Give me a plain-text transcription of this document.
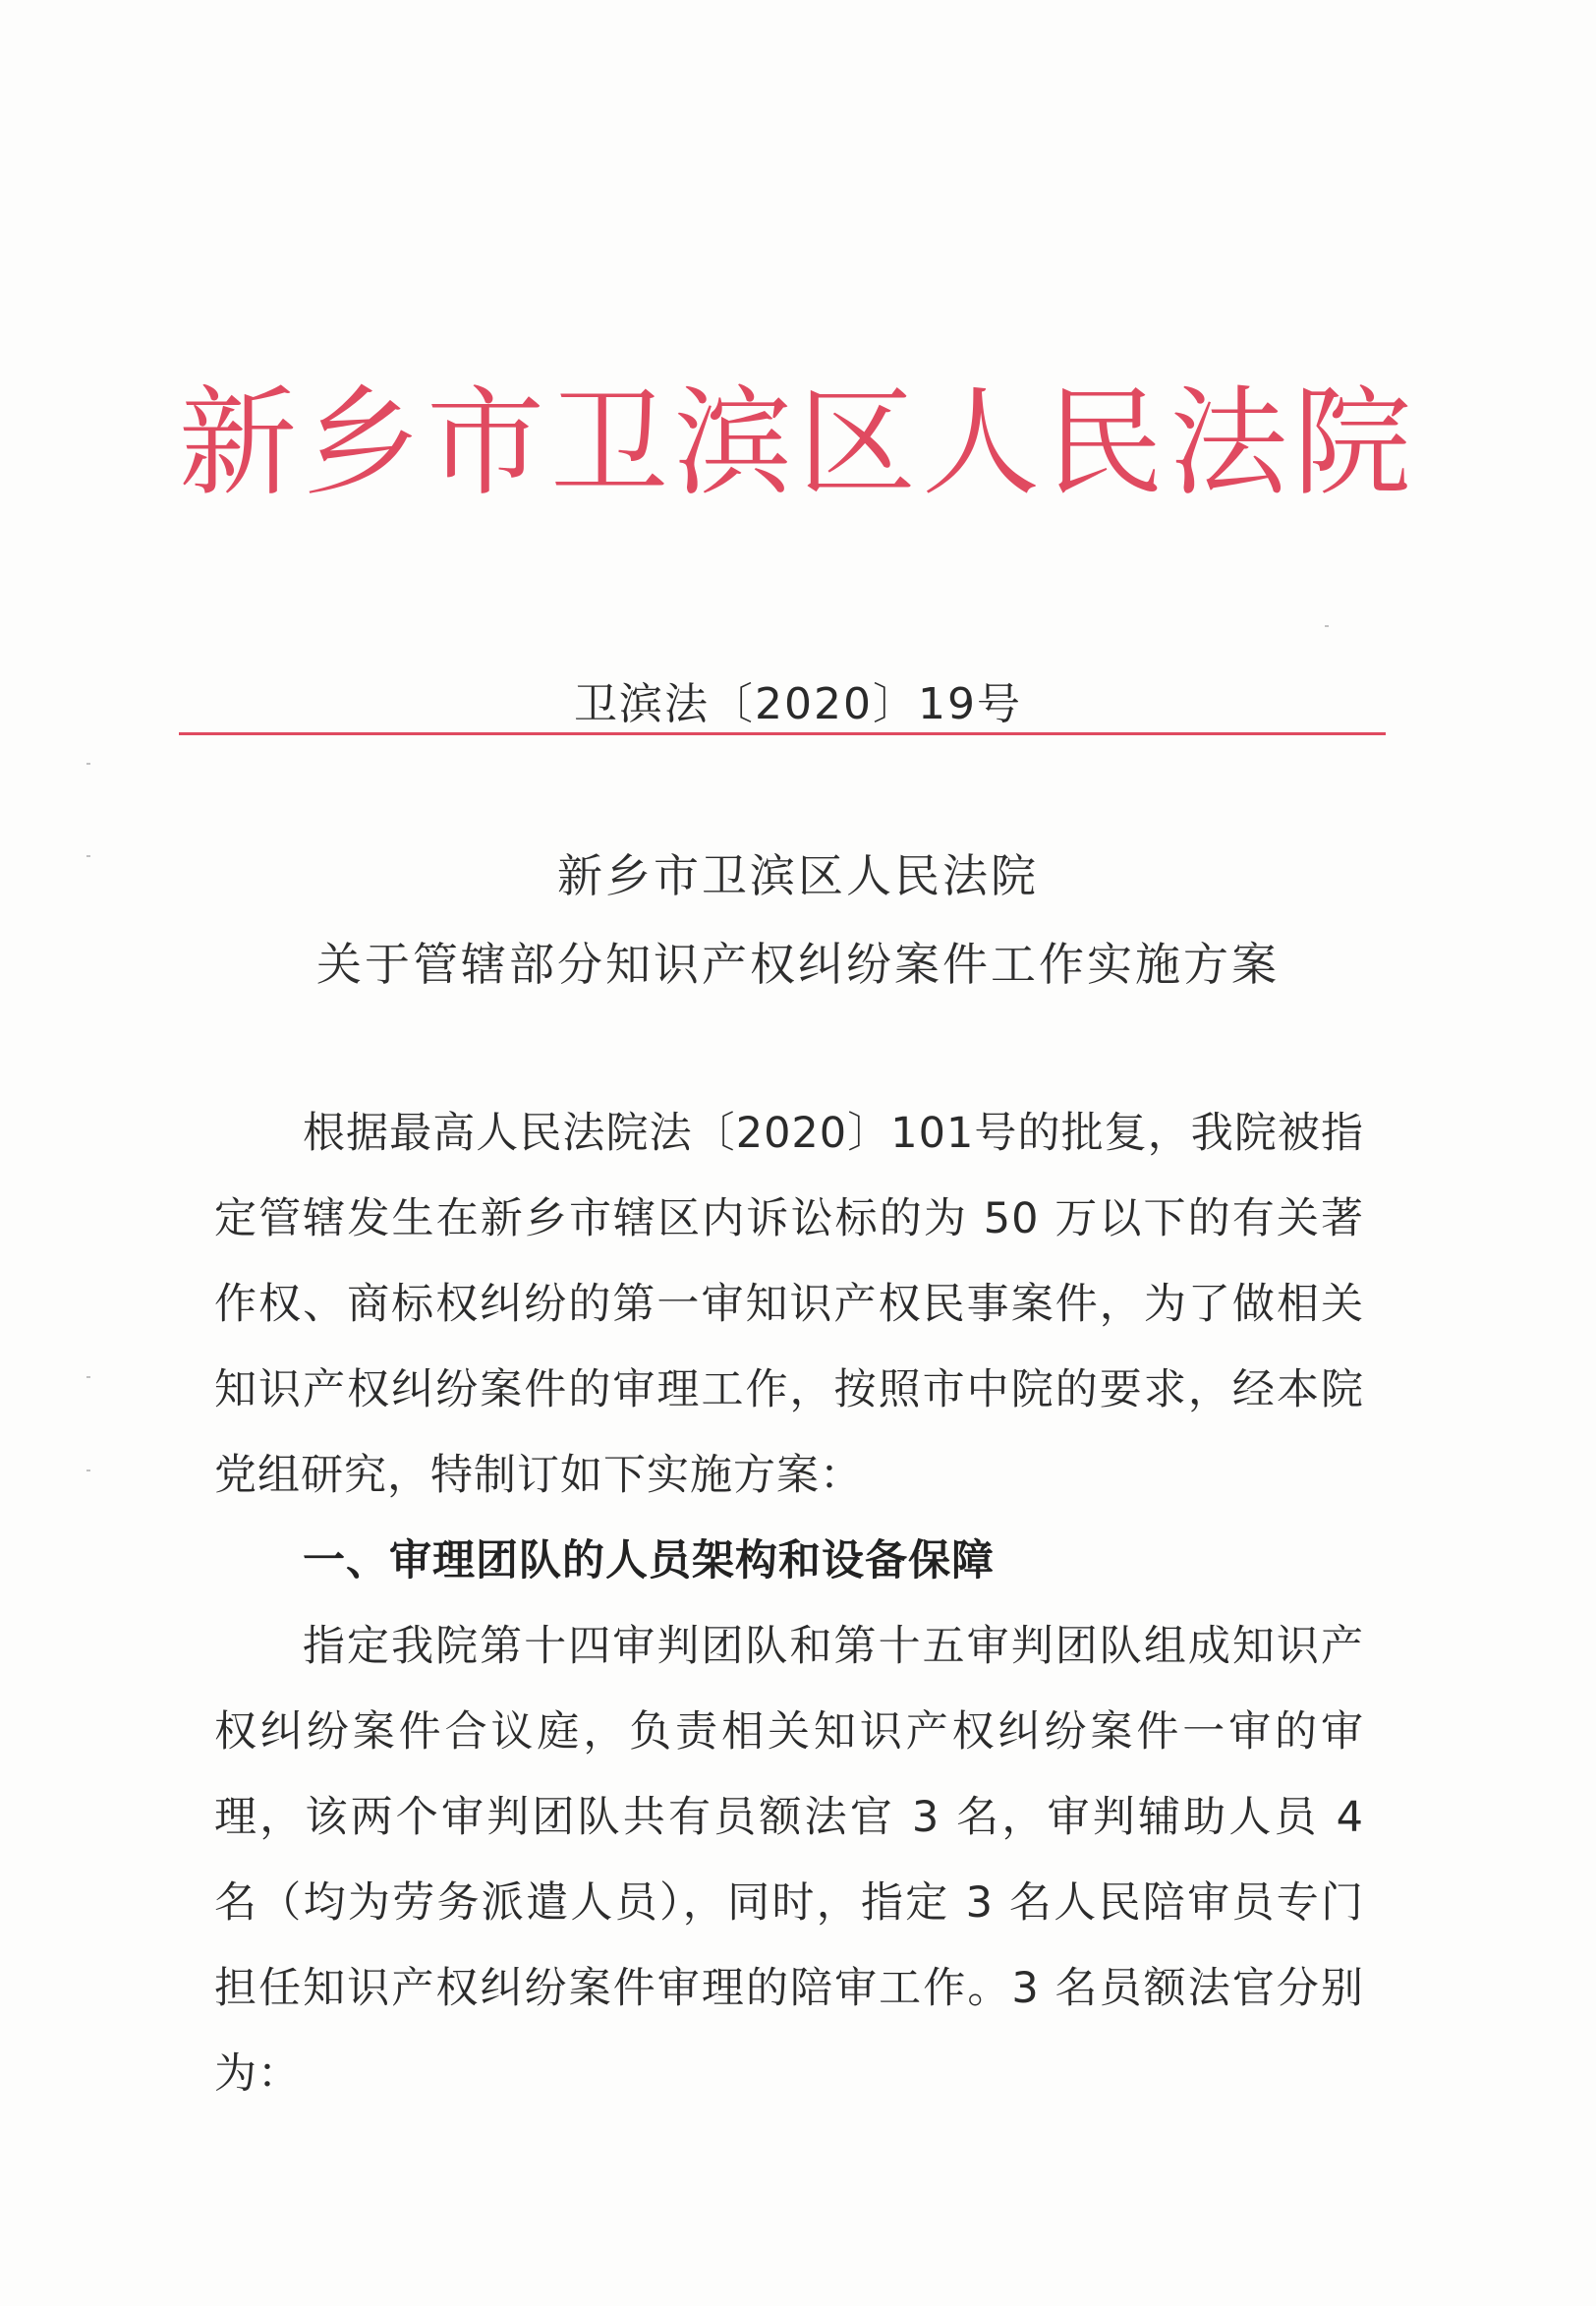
新乡市卫滨区人民法院
卫滨法〔2020〕19号
新乡市卫滨区人民法院
关于管辖部分知识产权纠纷案件工作实施方案

根据最高人民法院法〔2020〕101号的批复，我院被指定管辖发生在新乡市辖区内诉讼标的为 50 万以下的有关著作权、商标权纠纷的第一审知识产权民事案件，为了做相关知识产权纠纷案件的审理工作，按照市中院的要求，经本院党组研究，特制订如下实施方案：

一、审理团队的人员架构和设备保障

指定我院第十四审判团队和第十五审判团队组成知识产权纠纷案件合议庭，负责相关知识产权纠纷案件一审的审理，该两个审判团队共有员额法官 3 名，审判辅助人员 4 名（均为劳务派遣人员），同时，指定 3 名人民陪审员专门担任知识产权纠纷案件审理的陪审工作。3 名员额法官分别为：
